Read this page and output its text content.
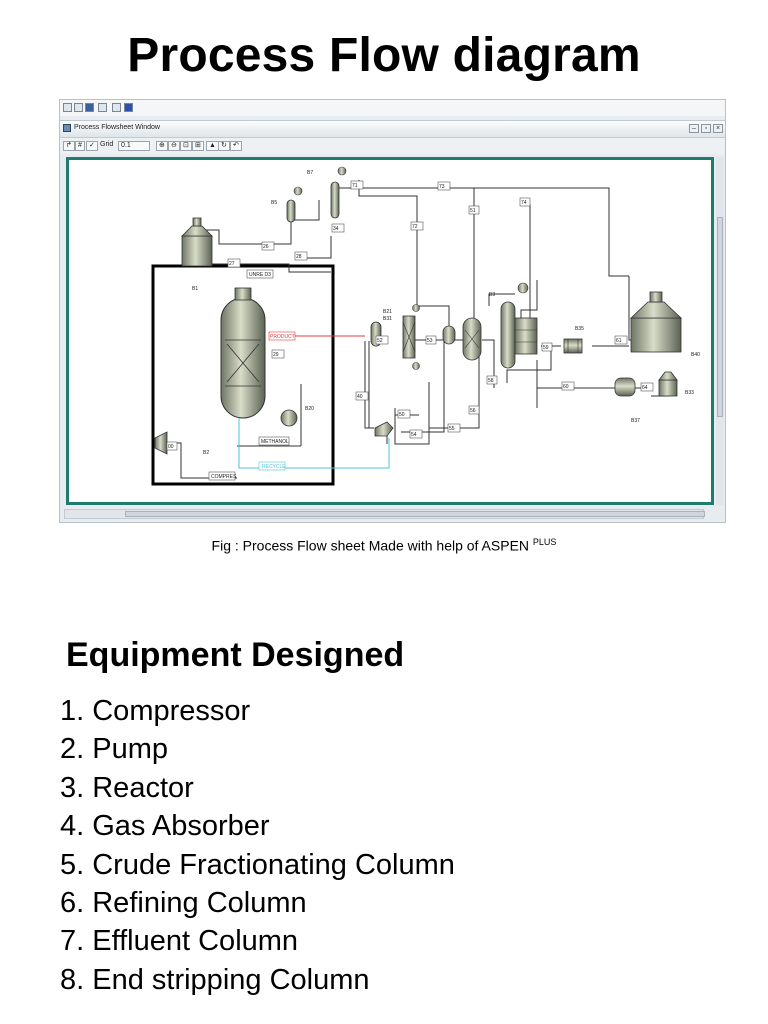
Process Flow diagram
Process Flowsheet Window	–	▫	×
↱ #	✓ Grid	0.1	⊕ ⊖ ⊡ ⊞	▲ ↻ ↶
B1
B2
B5
B7
B20
B21
B31
B3
B35
B33
B37
B40
26
27
28
34
71
72
73
51
74
29
40
50
52	53
54
55
56
58
59
60
61
64
00
UNRE D3
PRODUCT
METHANOL
RECYCLE
COMPRES
Fig : Process Flow sheet Made with help of ASPEN $^{PLUS}$
Equipment Designed
1. Compressor
2. Pump
3. Reactor
4. Gas Absorber
5. Crude Fractionating Column
6. Refining Column
7. Effluent Column
8. End stripping Column
